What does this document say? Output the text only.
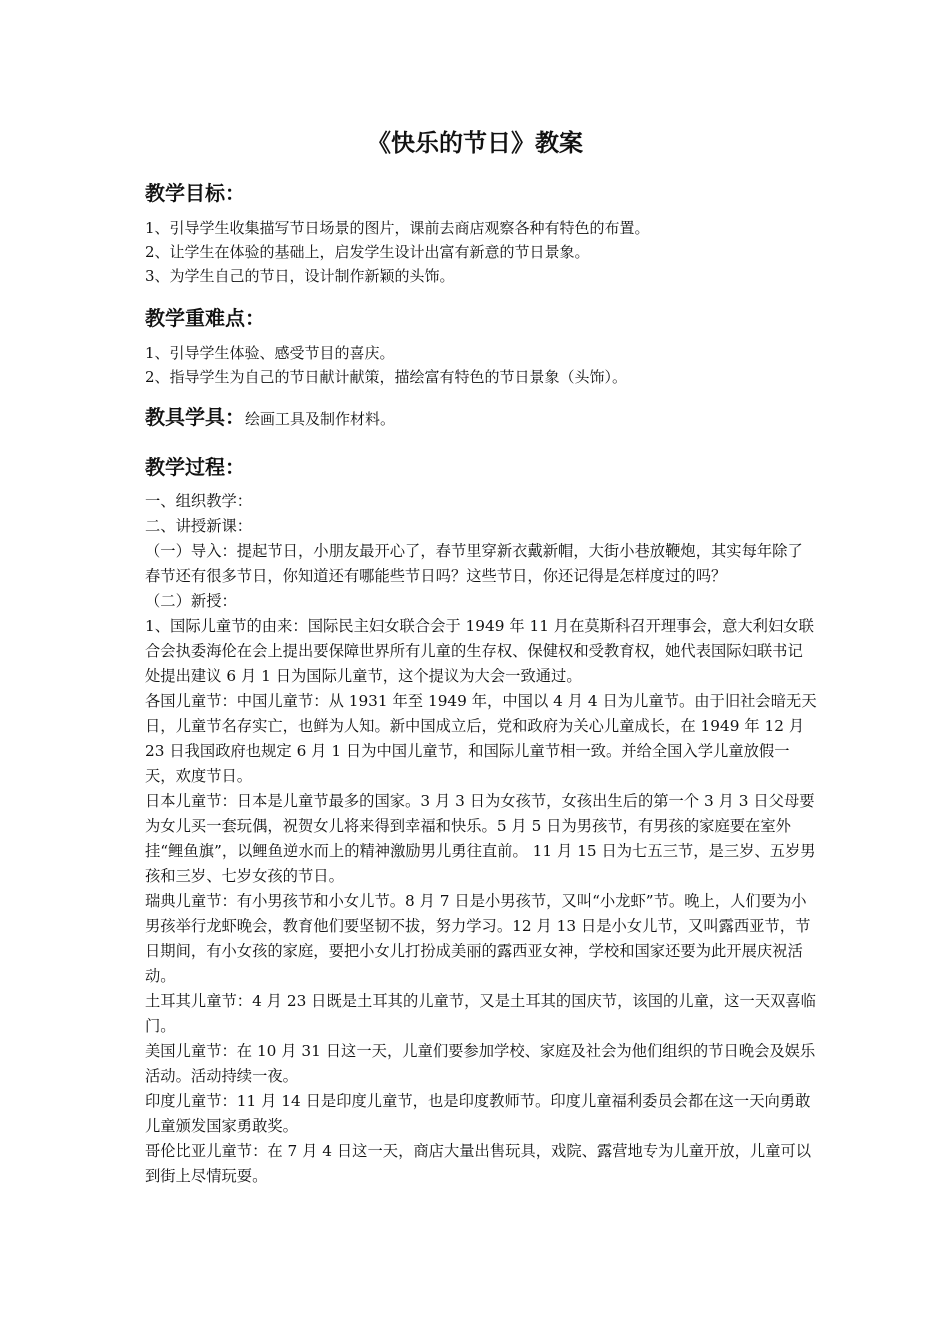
《快乐的节日》教案
教学目标：
1、引导学生收集描写节日场景的图片，课前去商店观察各种有特色的布置。
2、让学生在体验的基础上，启发学生设计出富有新意的节日景象。
3、为学生自己的节日，设计制作新颖的头饰。
教学重难点：
1、引导学生体验、感受节目的喜庆。
2、指导学生为自己的节日献计献策，描绘富有特色的节日景象（头饰）。
教具学具：绘画工具及制作材料。
教学过程：
一、组织教学：
二、讲授新课：
（一）导入：提起节日，小朋友最开心了，春节里穿新衣戴新帽，大街小巷放鞭炮，其实每年除了春节还有很多节日，你知道还有哪能些节日吗？这些节日，你还记得是怎样度过的吗？
（二）新授：
1、国际儿童节的由来：国际民主妇女联合会于 1949 年 11 月在莫斯科召开理事会，意大利妇女联合会执委海伦在会上提出要保障世界所有儿童的生存权、保健权和受教育权，她代表国际妇联书记处提出建议 6 月 1 日为国际儿童节，这个提议为大会一致通过。
各国儿童节：中国儿童节：从 1931 年至 1949 年，中国以 4 月 4 日为儿童节。由于旧社会暗无天日，儿童节名存实亡，也鲜为人知。新中国成立后，党和政府为关心儿童成长，在 1949 年 12 月 23 日我国政府也规定 6 月 1 日为中国儿童节，和国际儿童节相一致。并给全国入学儿童放假一天，欢度节日。
日本儿童节：日本是儿童节最多的国家。3 月 3 日为女孩节，女孩出生后的第一个 3 月 3 日父母要为女儿买一套玩偶，祝贺女儿将来得到幸福和快乐。5 月 5 日为男孩节，有男孩的家庭要在室外挂“鲤鱼旗”，以鲤鱼逆水而上的精神激励男儿勇往直前。 11 月 15 日为七五三节，是三岁、五岁男孩和三岁、七岁女孩的节日。
瑞典儿童节：有小男孩节和小女儿节。8 月 7 日是小男孩节，又叫“小龙虾”节。晚上，人们要为小男孩举行龙虾晚会，教育他们要坚韧不拔，努力学习。12 月 13 日是小女儿节，又叫露西亚节，节日期间，有小女孩的家庭，要把小女儿打扮成美丽的露西亚女神，学校和国家还要为此开展庆祝活动。
土耳其儿童节：4 月 23 日既是土耳其的儿童节，又是土耳其的国庆节，该国的儿童，这一天双喜临门。
美国儿童节：在 10 月 31 日这一天，儿童们要参加学校、家庭及社会为他们组织的节日晚会及娱乐活动。活动持续一夜。
印度儿童节：11 月 14 日是印度儿童节，也是印度教师节。印度儿童福利委员会都在这一天向勇敢儿童颁发国家勇敢奖。
哥伦比亚儿童节：在 7 月 4 日这一天，商店大量出售玩具，戏院、露营地专为儿童开放，儿童可以到街上尽情玩耍。
